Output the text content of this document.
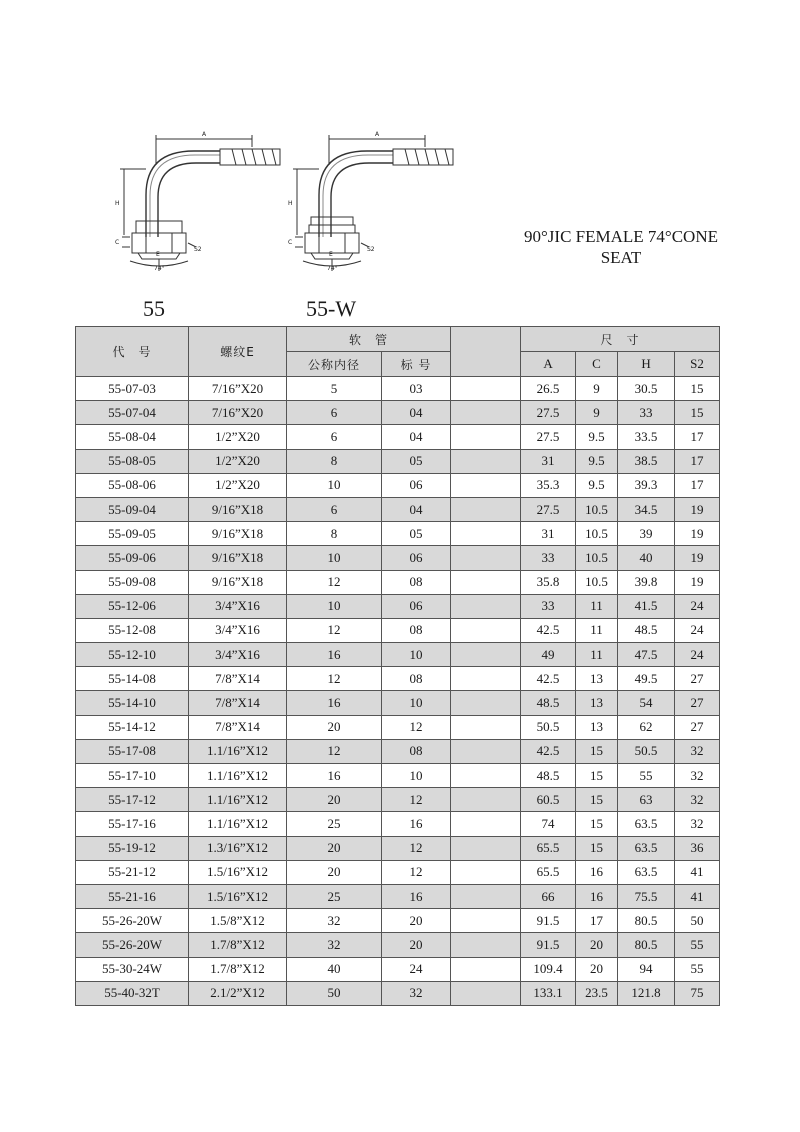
A
H
C
E
S2
74°
A
H
C
E
S2
74°
55	55-W
90°JIC FEMALE 74°CONE
SEAT
代　号	螺纹E	软　管			尺　寸			
		公称内径	标 号		A	C	H	S2
55-07-03	7/16”X20	5	03		26.5	9	30.5	15
55-07-04	7/16”X20	6	04		27.5	9	33	15
55-08-04	1/2”X20	6	04		27.5	9.5	33.5	17
55-08-05	1/2”X20	8	05		31	9.5	38.5	17
55-08-06	1/2”X20	10	06		35.3	9.5	39.3	17
55-09-04	9/16”X18	6	04		27.5	10.5	34.5	19
55-09-05	9/16”X18	8	05		31	10.5	39	19
55-09-06	9/16”X18	10	06		33	10.5	40	19
55-09-08	9/16”X18	12	08		35.8	10.5	39.8	19
55-12-06	3/4”X16	10	06		33	11	41.5	24
55-12-08	3/4”X16	12	08		42.5	11	48.5	24
55-12-10	3/4”X16	16	10		49	11	47.5	24
55-14-08	7/8”X14	12	08		42.5	13	49.5	27
55-14-10	7/8”X14	16	10		48.5	13	54	27
55-14-12	7/8”X14	20	12		50.5	13	62	27
55-17-08	1.1/16”X12	12	08		42.5	15	50.5	32
55-17-10	1.1/16”X12	16	10		48.5	15	55	32
55-17-12	1.1/16”X12	20	12		60.5	15	63	32
55-17-16	1.1/16”X12	25	16		74	15	63.5	32
55-19-12	1.3/16”X12	20	12		65.5	15	63.5	36
55-21-12	1.5/16”X12	20	12		65.5	16	63.5	41
55-21-16	1.5/16”X12	25	16		66	16	75.5	41
55-26-20W	1.5/8”X12	32	20		91.5	17	80.5	50
55-26-20W	1.7/8”X12	32	20		91.5	20	80.5	55
55-30-24W	1.7/8”X12	40	24		109.4	20	94	55
55-40-32T	2.1/2”X12	50	32		133.1	23.5	121.8	75
